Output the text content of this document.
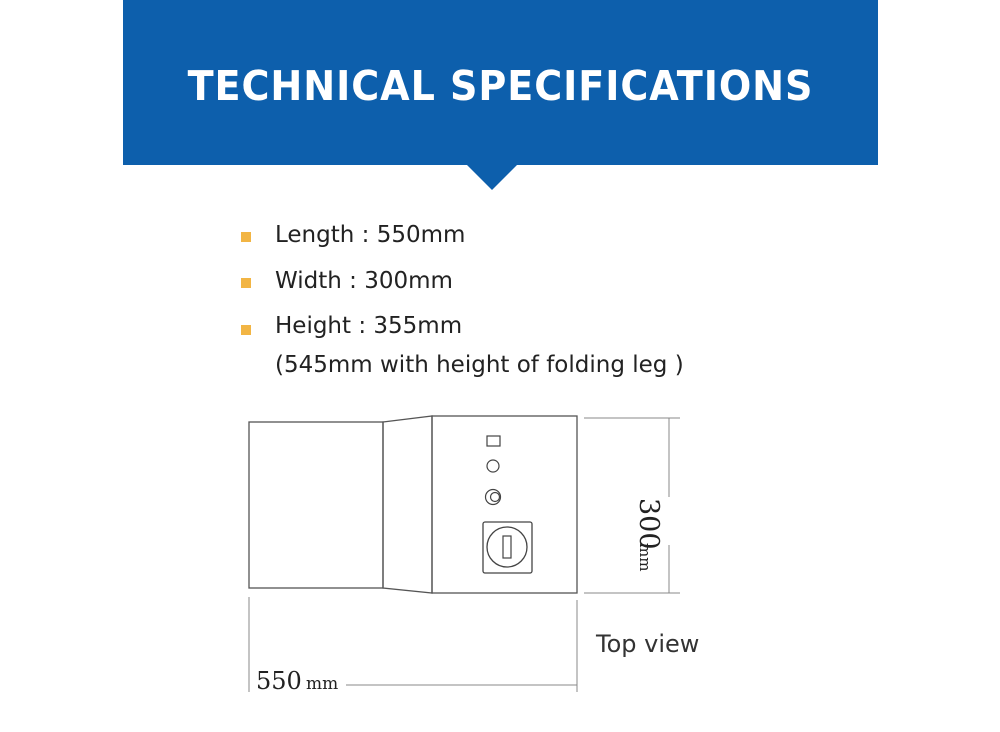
TECHNICAL SPECIFICATIONS
Length : 550mm
Width : 300mm
Height : 355mm
(545mm with height of folding leg )
300
mm
550 mm
Top view
